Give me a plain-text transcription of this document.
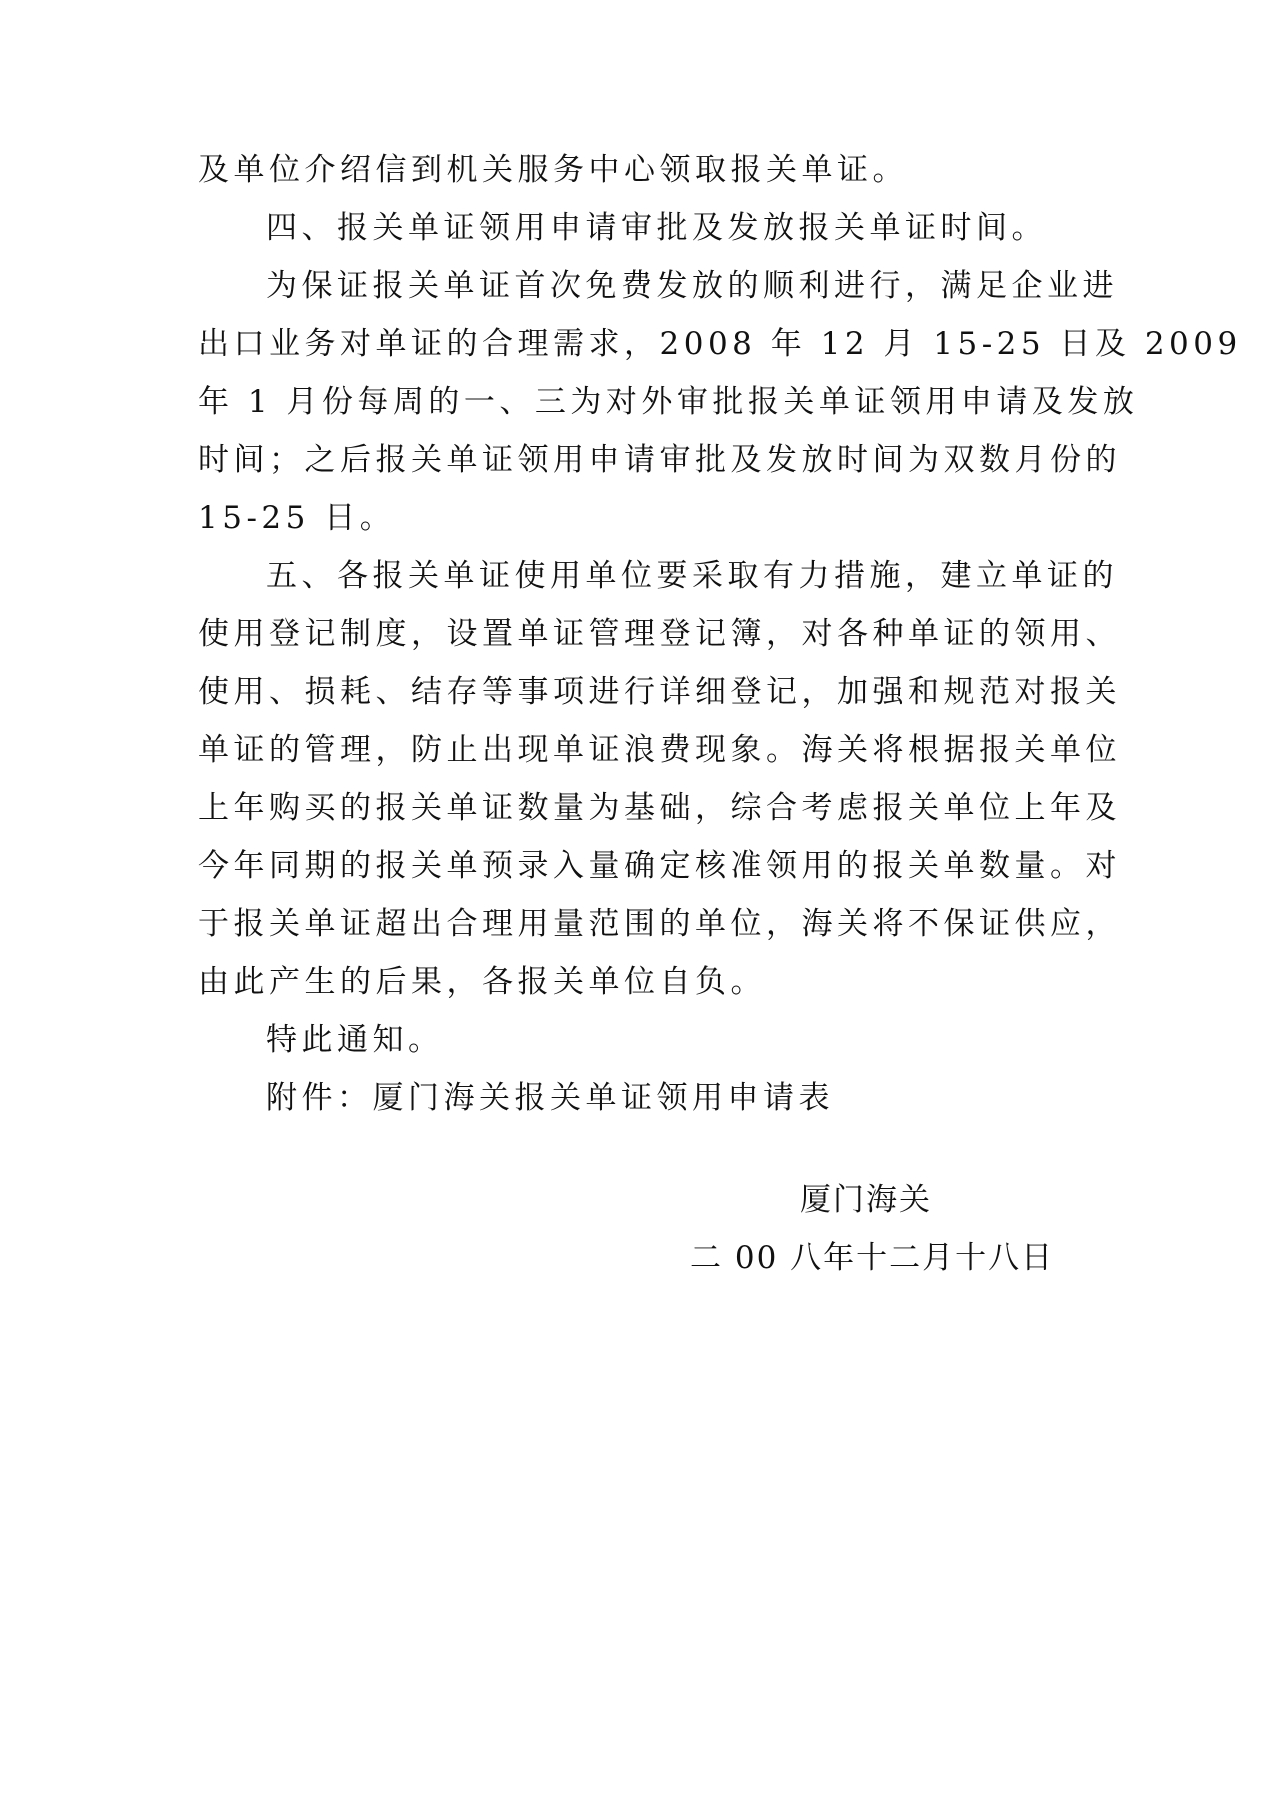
及单位介绍信到机关服务中心领取报关单证。
四、报关单证领用申请审批及发放报关单证时间。
为保证报关单证首次免费发放的顺利进行，满足企业进
出口业务对单证的合理需求，2008 年 12 月 15-25 日及 2009
年 1 月份每周的一、三为对外审批报关单证领用申请及发放
时间；之后报关单证领用申请审批及发放时间为双数月份的
15-25 日。
五、各报关单证使用单位要采取有力措施，建立单证的
使用登记制度，设置单证管理登记簿，对各种单证的领用、
使用、损耗、结存等事项进行详细登记，加强和规范对报关
单证的管理，防止出现单证浪费现象。海关将根据报关单位
上年购买的报关单证数量为基础，综合考虑报关单位上年及
今年同期的报关单预录入量确定核准领用的报关单数量。对
于报关单证超出合理用量范围的单位，海关将不保证供应，
由此产生的后果，各报关单位自负。
特此通知。
附件：厦门海关报关单证领用申请表
厦门海关
二 00 八年十二月十八日
